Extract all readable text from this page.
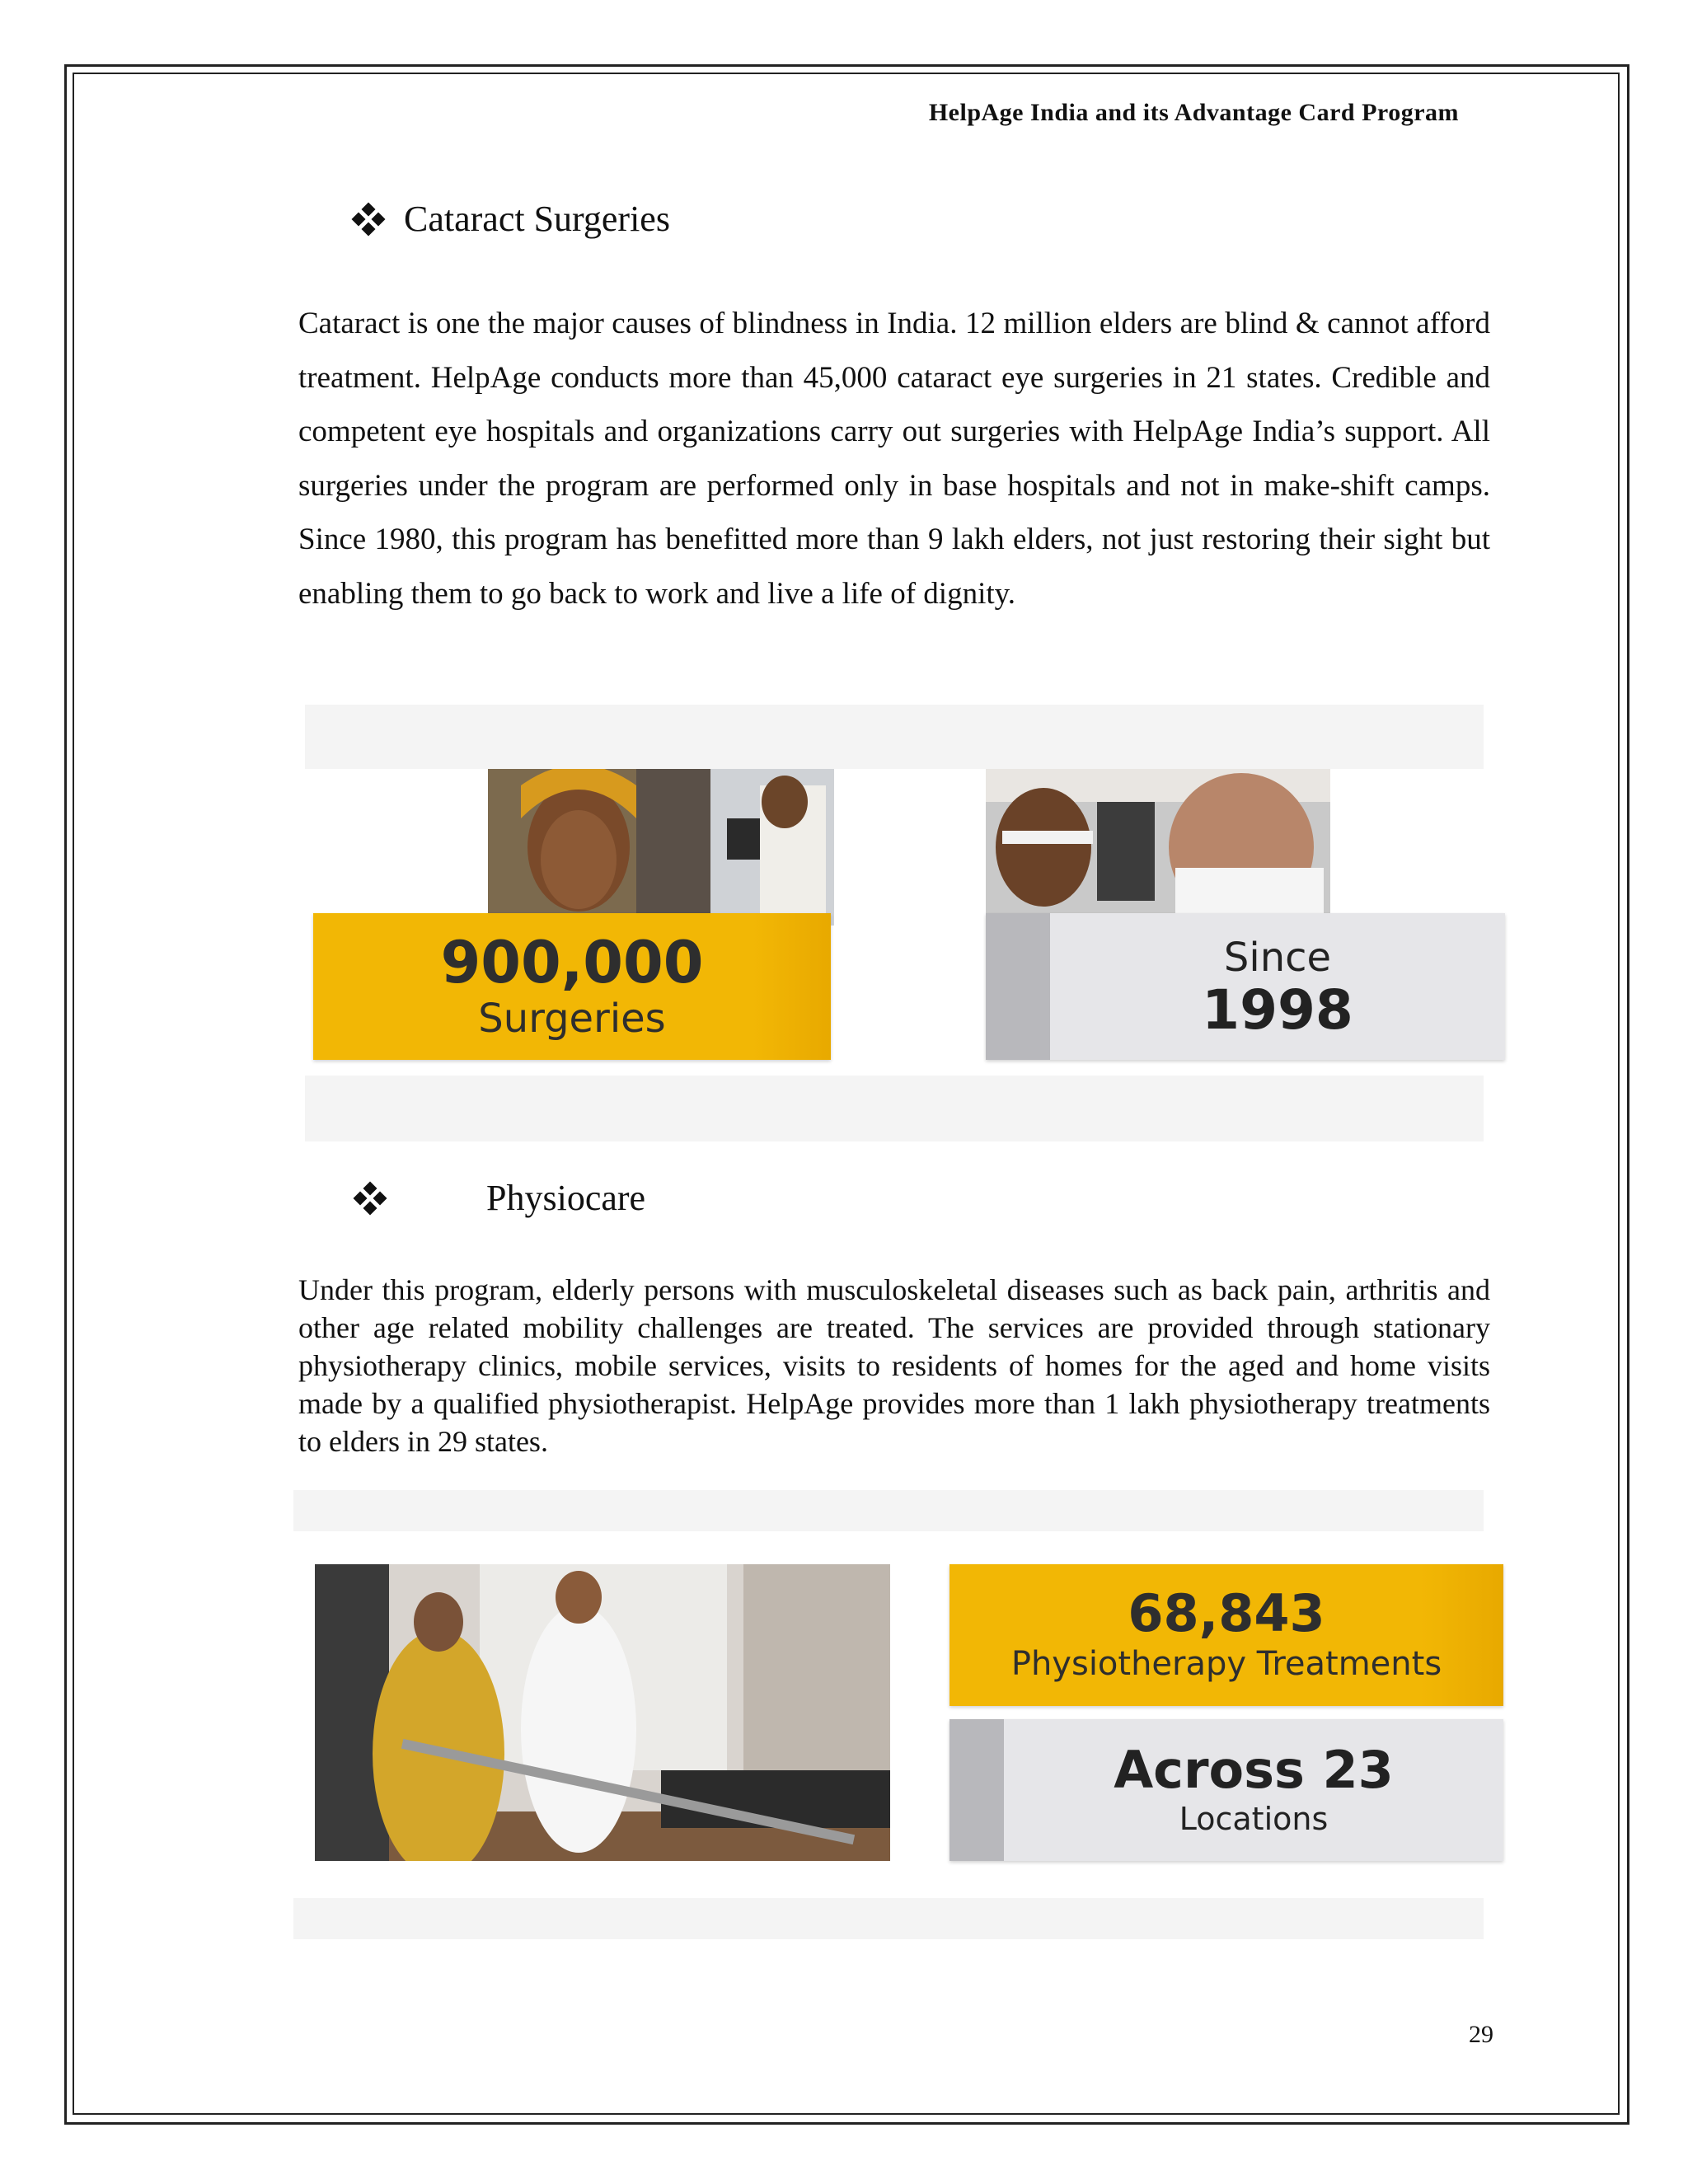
HelpAge India and its Advantage Card Program
Cataract Surgeries
Cataract is one the major causes of blindness in India. 12 million elders are blind & cannot afford treatment. HelpAge conducts more than 45,000 cataract eye surgeries in 21 states. Credible and competent eye hospitals and organizations carry out surgeries with HelpAge India’s support. All surgeries under the program are performed only in base hospitals and not in make-shift camps. Since 1980, this program has benefitted more than 9 lakh elders, not just restoring their sight but enabling them to go back to work and live a life of dignity.
900,000
Surgeries
Since
1998
Physiocare
Under this program, elderly persons with musculoskeletal diseases such as back pain, arthritis and other age related mobility challenges are treated. The services are provided through stationary physiotherapy clinics, mobile services, visits to residents of homes for the aged and home visits made by a qualified physiotherapist. HelpAge provides more than 1 lakh physiotherapy treatments to elders in 29 states.
68,843
Physiotherapy Treatments
Across 23
Locations
29
